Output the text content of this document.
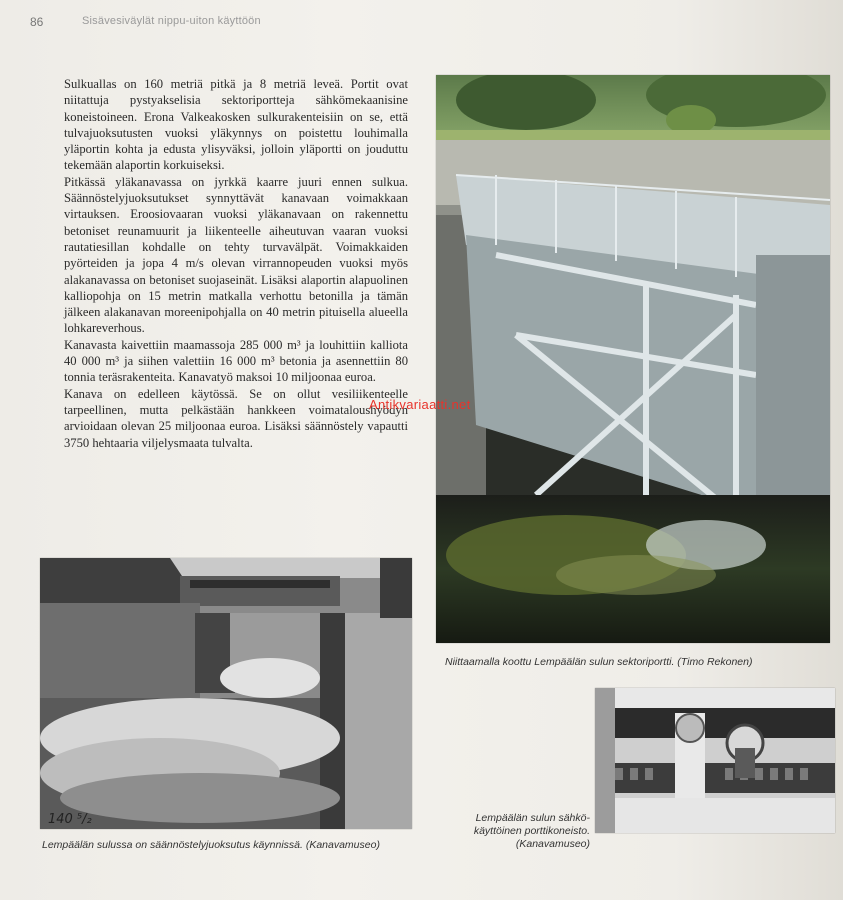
86	Sisävesiväylät nippu-uiton käyttöön

Sulkuallas on 160 metriä pitkä ja 8 metriä leveä. Portit ovat niitattuja pystyakselisia sektoriportteja sähkömekaanisine koneistoineen. Erona Valkeakosken sulkurakenteisiin on se, että tulvajuoksutusten vuoksi yläkynnys on poistettu louhimalla yläportin kohta ja edusta ylisyväksi, jolloin yläportti on jouduttu tekemään alaportin korkuiseksi.

Pitkässä yläkanavassa on jyrkkä kaarre juuri ennen sulkua. Säännöstelyjuoksutukset synnyttävät kanavaan voimakkaan virtauksen. Eroosiovaaran vuoksi yläkanavaan on rakennettu betoniset reunamuurit ja liikenteelle aiheutuvan vaaran vuoksi rautatiesillan kohdalle on tehty turvavälpät. Voimakkaiden pyörteiden ja jopa 4 m/s olevan virrannopeuden vuoksi myös alakanavassa on betoniset suojaseinät. Lisäksi alaportin alapuolinen kalliopohja on 15 metrin matkalla verhottu betonilla ja tämän jälkeen alakanavan moreenipohjalla on 40 metrin pituisella alueella lohkareverhous.

Kanavasta kaivettiin maamassoja 285 000 m³ ja louhittiin kalliota 40 000 m³ ja siihen valettiin 16 000 m³ betonia ja asennettiin 80 tonnia teräsrakenteita. Kanavatyö maksoi 10 miljoonaa euroa.

Kanava on edelleen käytössä. Se on ollut vesiliikenteelle tarpeellinen, mutta pelkästään hankkeen voimataloushyödyn arvioidaan olevan 25 miljoonaa euroa. Lisäksi säännöstely vapautti 3750 hehtaaria viljelysmaata tulvalta.

Niittaamalla koottu Lempäälän sulun sektoriportti. (Timo Rekonen)
140 ⁵/₂
Lempäälän sulussa on säännöstelyjuoksutus käynnissä. (Kanavamuseo)
Lempäälän sulun sähkö-
käyttöinen porttikoneisto.
(Kanavamuseo)
Antikvariaatti.net
